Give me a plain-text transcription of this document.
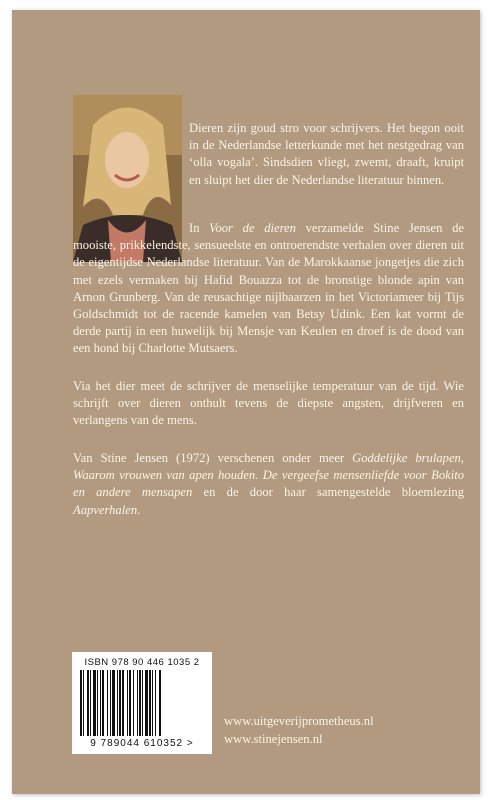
Dieren zijn goud stro voor schrijvers. Het begon ooit in de Nederlandse letterkunde met het nestgedrag van ‘olla vogala’. Sindsdien vliegt, zwemt, draaft, kruipt en sluipt het dier de Nederlandse literatuur binnen.

In Voor de dieren verzamelde Stine Jensen de mooiste, prikkelendste, sensueelste en ontroerendste verhalen over dieren uit de eigentijdse Nederlandse literatuur. Van de Marokkaanse jongetjes die zich met ezels vermaken bij Hafid Bouazza tot de bronstige blonde apin van Arnon Grunberg. Van de reusachtige nijlbaarzen in het Victoriameer bij Tijs Goldschmidt tot de racende kamelen van Betsy Udink. Een kat vormt de derde partij in een huwelijk bij Mensje van Keulen en droef is de dood van een hond bij Charlotte Mutsaers.

Via het dier meet de schrijver de menselijke temperatuur van de tijd. Wie schrijft over dieren onthult tevens de diepste angsten, drijfveren en verlangens van de mens.

Van Stine Jensen (1972) verschenen onder meer Goddelijke brulapen, Waarom vrouwen van apen houden. De vergeefse mensenliefde voor Bokito en andere mensapen en de door haar samengestelde bloemlezing Aapverhalen.

ISBN 978 90 446 1035 2
9 789044 610352 >
www.uitgeverijprometheus.nl
www.stinejensen.nl
